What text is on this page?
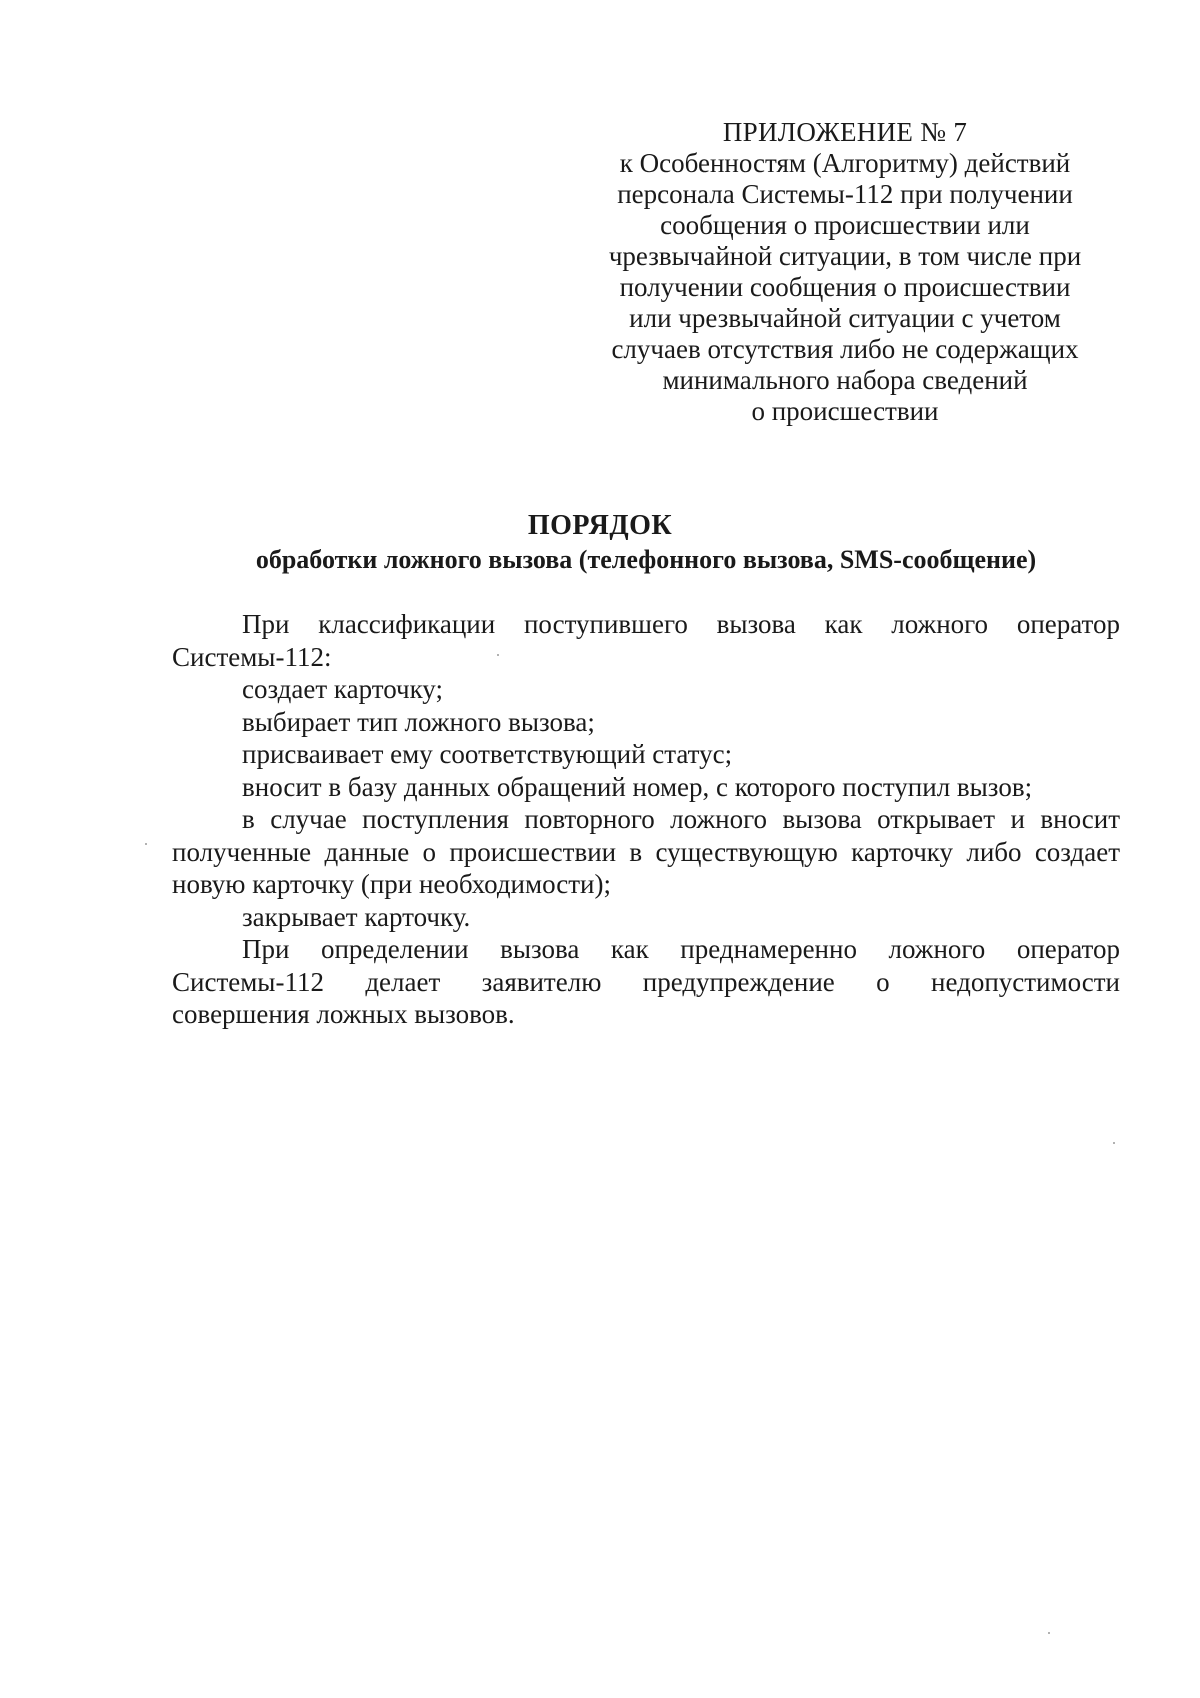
ПРИЛОЖЕНИЕ № 7
к Особенностям (Алгоритму) действий
персонала Системы-112 при получении
сообщения о происшествии или
чрезвычайной ситуации, в том числе при
получении сообщения о происшествии
или чрезвычайной ситуации с учетом
случаев отсутствия либо не содержащих
минимального набора сведений
о происшествии
ПОРЯДОК
обработки ложного вызова (телефонного вызова, SMS-сообщение)

При классификации поступившего вызова как ложного оператор

Системы-112:

создает карточку;

выбирает тип ложного вызова;

присваивает ему соответствующий статус;

вносит в базу данных обращений номер, с которого поступил вызов;

в случае поступления повторного ложного вызова открывает и вносит

полученные данные о происшествии в существующую карточку либо создает
новую карточку (при необходимости);

закрывает карточку.

При определении вызова как преднамеренно ложного оператор

Системы-112 делает заявителю предупреждение о недопустимости
совершения ложных вызовов.
